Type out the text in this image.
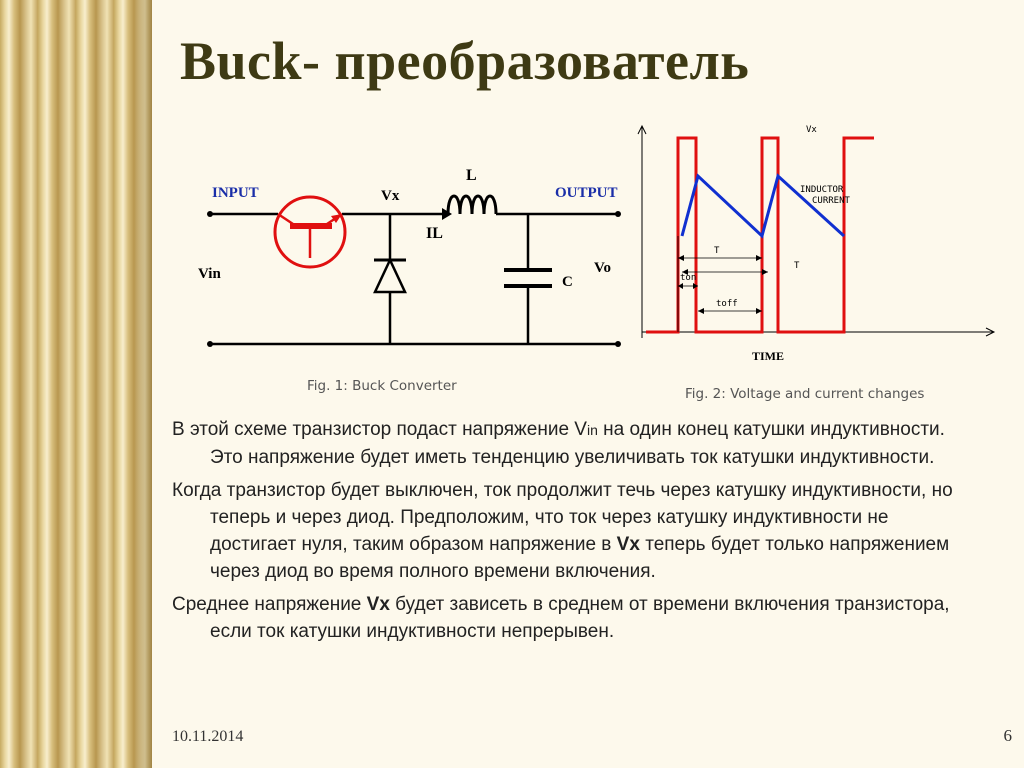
Buck- преобразователь
INPUT	OUTPUT
Vx
Vin	Vo
L
IL
C
Fig. 1: Buck Converter
Vx
INDUCTOR
CURRENT
T
T
ton
toff
TIME
Fig. 2: Voltage and current changes

В этой схеме транзистор подаст напряжение Vin на один конец катушки индуктивности. Это напряжение будет иметь тенденцию увеличивать ток катушки индуктивности.

Когда транзистор будет выключен, ток продолжит течь через катушку индуктивности, но теперь и через диод. Предположим, что ток через катушку индуктивности не достигает нуля, таким образом напряжение в Vx теперь будет только напряжением через диод во время полного времени включения.

Среднее напряжение Vx будет зависеть в среднем от времени включения транзистора, если ток катушки индуктивности непрерывен.

10.11.2014	6
